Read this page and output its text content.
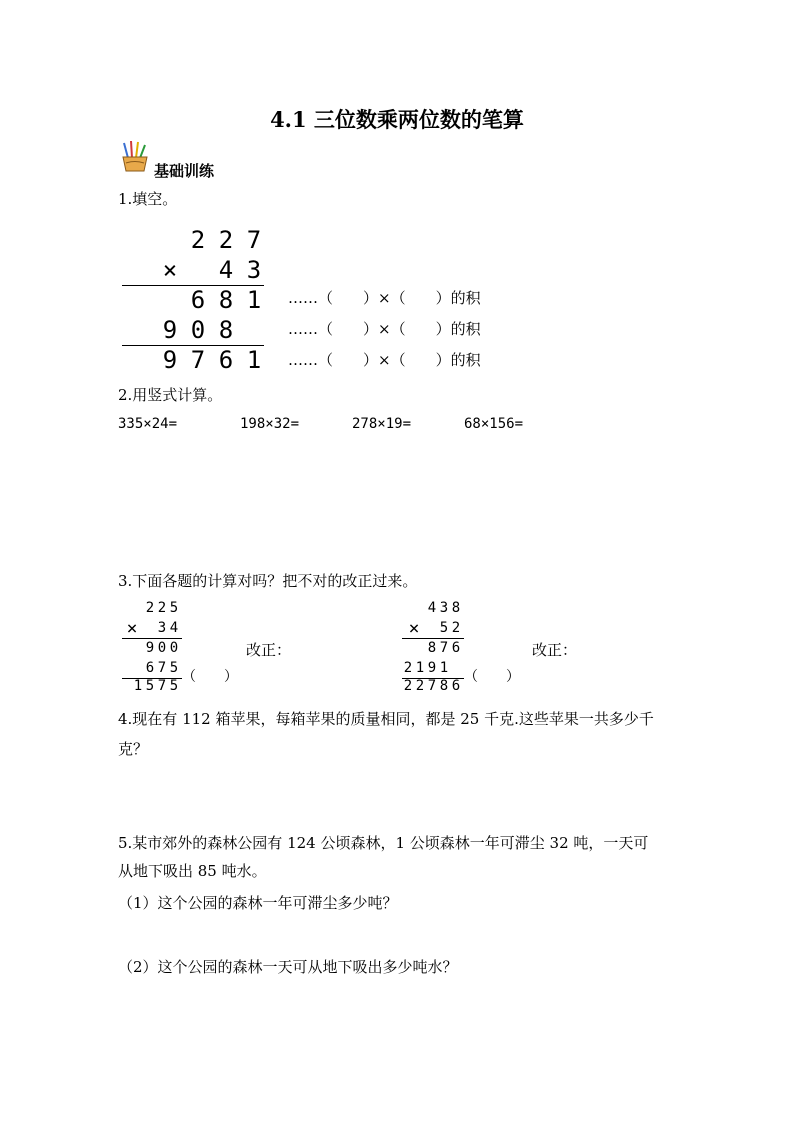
4.1 三位数乘两位数的笔算
基础训练
1.填空。
2 2 7
× 4 3
6 8 1
9 0 8
9 7 6 1
……（　　）×（　　）的积
……（　　）×（　　）的积
……（　　）×（　　）的积
2.用竖式计算。
335×24=	198×32=	278×19=	68×156=
3.下面各题的计算对吗？把不对的改正过来。
2 2 5
× 3 4
9 0 0
6 7 5
1 5 7 5
（　　）
改正：
4 3 8
× 5 2
8 7 6
2 1 9 1
2 2 7 8 6
（　　）
改正：
4.现在有 112 箱苹果，每箱苹果的质量相同，都是 25 千克.这些苹果一共多少千
克？
5.某市郊外的森林公园有 124 公顷森林，1 公顷森林一年可滞尘 32 吨，一天可
从地下吸出 85 吨水。
（1）这个公园的森林一年可滞尘多少吨？
（2）这个公园的森林一天可从地下吸出多少吨水？
